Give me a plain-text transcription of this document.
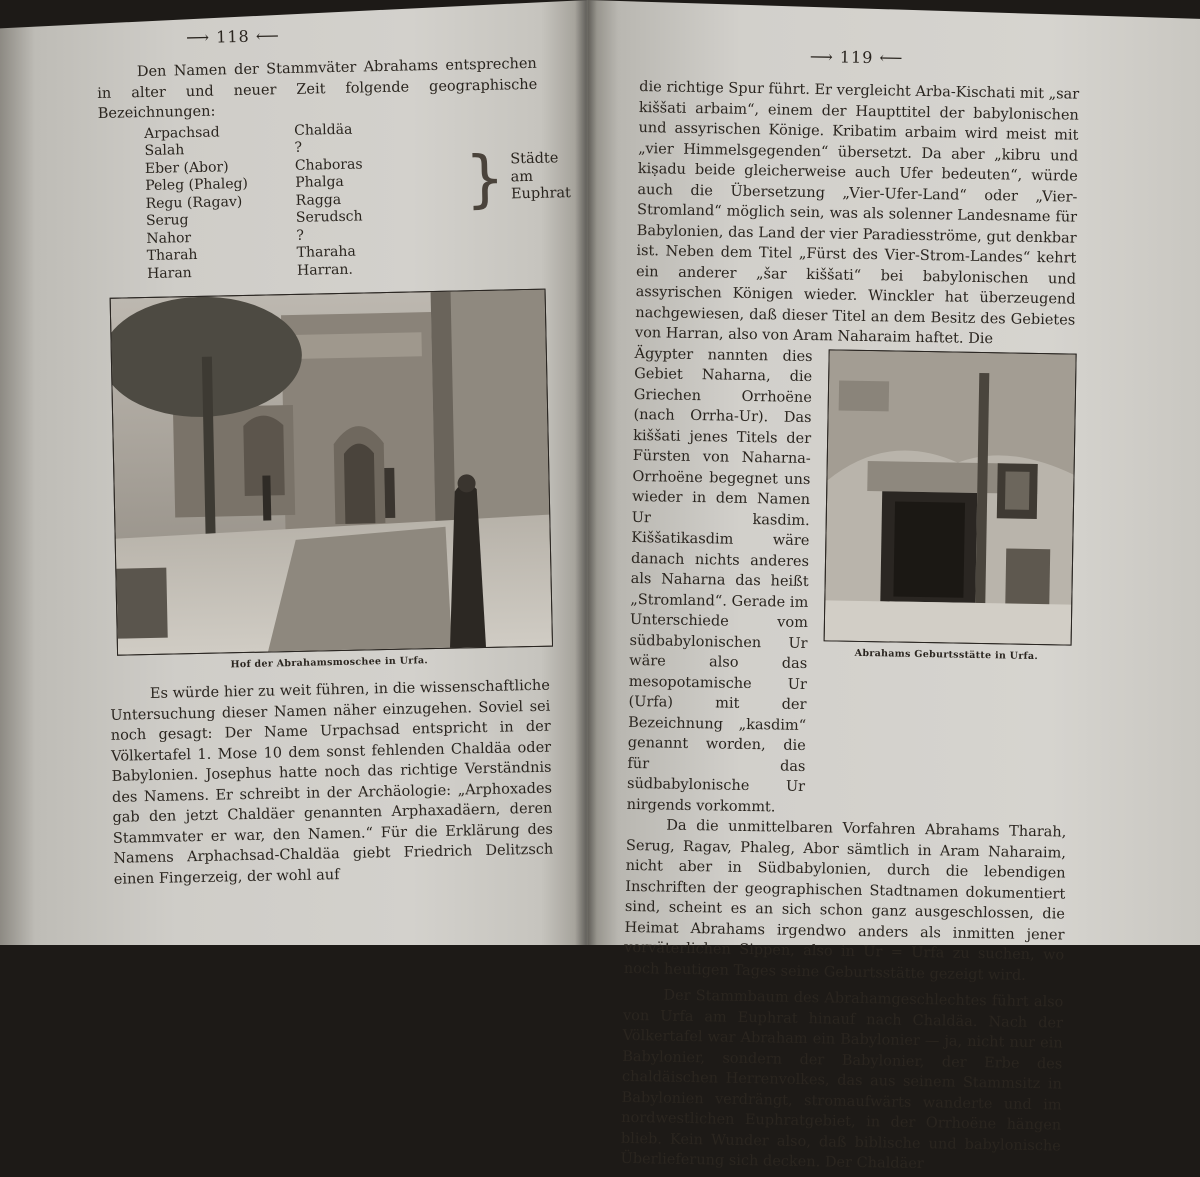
⟶ 118 ⟵

Den Namen der Stammväter Abrahams entsprechen in alter und neuer Zeit folgende geographische Bezeichnungen:

Arpachsad
Salah
Eber (Abor)
Peleg (Phaleg)
Regu (Ragav)
Serug
Nahor
Tharah
Haran
Chaldäa
?
Chaboras
Phalga
Ragga
Serudsch
?
Tharaha
Harran.
} Städte am Euphrat
Hof der Abrahamsmoschee in Urfa.

Es würde hier zu weit führen, in die wissenschaftliche Untersuchung dieser Namen näher einzugehen. Soviel sei noch gesagt: Der Name Urpachsad entspricht in der Völkertafel 1. Mose 10 dem sonst fehlenden Chaldäa oder Babylonien. Josephus hatte noch das richtige Verständnis des Namens. Er schreibt in der Archäologie: „Arphoxades gab den jetzt Chaldäer genannten Arphaxadäern, deren Stammvater er war, den Namen.“ Für die Erklärung des Namens Arphachsad-Chaldäa giebt Friedrich Delitzsch einen Fingerzeig, der wohl auf

⟶ 119 ⟵

die richtige Spur führt. Er vergleicht Arba-Kischati mit „sar kiššati arbaim“, einem der Haupttitel der babylonischen und assyrischen Könige. Kribatim arbaim wird meist mit „vier Himmelsgegenden“ übersetzt. Da aber „kibru und kiṣadu beide gleicherweise auch Ufer bedeuten“, würde auch die Übersetzung „Vier-Ufer-Land“ oder „Vier-Stromland“ möglich sein, was als solenner Landesname für Babylonien, das Land der vier Paradiesströme, gut denkbar ist. Neben dem Titel „Fürst des Vier-Strom-Landes“ kehrt ein anderer „šar kiššati“ bei babylonischen und assyrischen Königen wieder. Winckler hat überzeugend nachgewiesen, daß dieser Titel an dem Besitz des Gebietes von Harran, also von Aram Naharaim haftet. Die

Ägypter nannten dies Gebiet Naharna, die Griechen Orrhoëne (nach Orrha-Ur). Das kiššati jenes Titels der Fürsten von Naharna-Orrhoëne begegnet uns wieder in dem Namen Ur kasdim. Kiššatikasdim wäre danach nichts anderes als Naharna das heißt „Stromland“. Gerade im Unterschiede vom südbabylonischen Ur wäre also das mesopotamische Ur (Urfa) mit der Bezeichnung „kasdim“ genannt worden, die für das südbabylonische Ur nirgends vorkommt.
Abrahams Geburtsstätte in Urfa.

Da die unmittelbaren Vorfahren Abrahams Tharah, Serug, Ragav, Phaleg, Abor sämtlich in Aram Naharaim, nicht aber in Südbabylonien, durch die lebendigen Inschriften der geographischen Stadtnamen dokumentiert sind, scheint es an sich schon ganz ausgeschlossen, die Heimat Abrahams irgendwo anders als inmitten jener vorväterlichen Sippen, also in Ur = Urfa zu suchen, wo noch heutigen Tages seine Geburtsstätte gezeigt wird.

Der Stammbaum des Abrahamgeschlechtes führt also von Urfa am Euphrat hinauf nach Chaldäa. Nach der Völkertafel war Abraham ein Babylonier — ja, nicht nur ein Babylonier, sondern der Babylonier, der Erbe des chaldäischen Herrenvolkes, das aus seinem Stammsitz in Babylonien verdrängt, stromaufwärts wanderte und im nordwestlichen Euphratgebiet, in der Orrhoëne hängen blieb. Kein Wunder also, daß biblische und babylonische Überlieferung sich decken. Der Chaldäer
